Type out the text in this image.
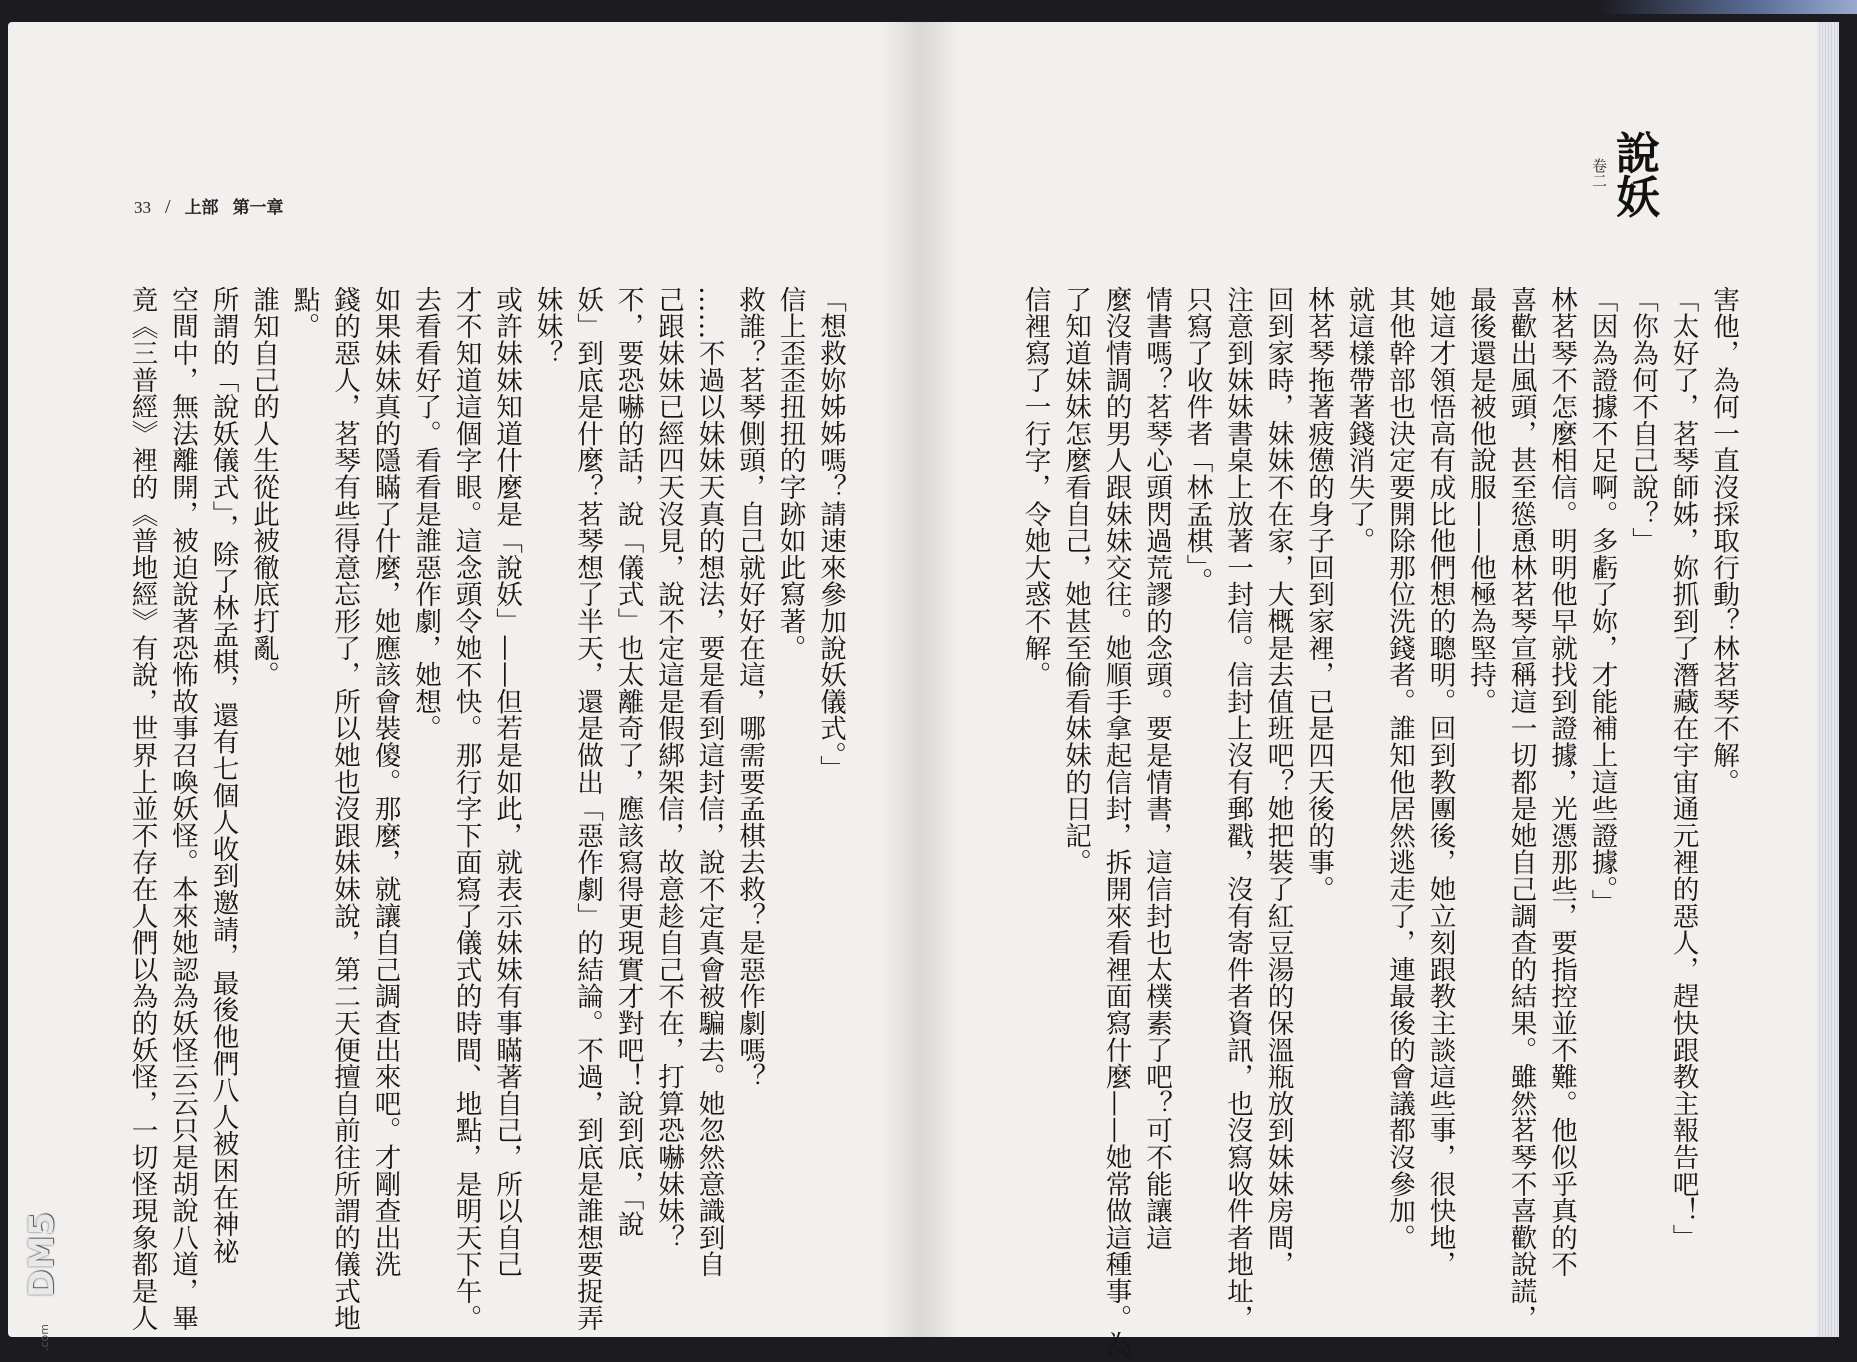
33 / 上部 第一章
「想救妳姊姊嗎？請速來參加說妖儀式。」
信上歪歪扭扭的字跡如此寫著。
救誰？茗琴側頭，自己就好好在這，哪需要孟棋去救？是惡作劇嗎？
……不過以妹妹天真的想法，要是看到這封信，說不定真會被騙去。她忽然意識到自
己跟妹妹已經四天沒見，說不定這是假綁架信，故意趁自己不在，打算恐嚇妹妹？
不，要恐嚇的話，說「儀式」也太離奇了，應該寫得更現實才對吧！說到底，「說
妖」到底是什麼？茗琴想了半天，還是做出「惡作劇」的結論。不過，到底是誰想要捉弄
妹妹？
或許妹妹知道什麼是「說妖」——但若是如此，就表示妹妹有事瞞著自己，所以自己
才不知道這個字眼。這念頭令她不快。那行字下面寫了儀式的時間、地點，是明天下午。
去看看好了。看看是誰惡作劇，她想。
如果妹妹真的隱瞞了什麼，她應該會裝傻。那麼，就讓自己調查出來吧。才剛查出洗
錢的惡人，茗琴有些得意忘形了，所以她也沒跟妹妹說，第二天便擅自前往所謂的儀式地
點。
誰知自己的人生從此被徹底打亂。
所謂的「說妖儀式」，除了林孟棋，還有七個人收到邀請，最後他們八人被困在神祕
空間中，無法離開，被迫說著恐怖故事召喚妖怪。本來她認為妖怪云云只是胡說八道，畢
竟《三普經》裡的《普地經》有說，世界上並不存在人們以為的妖怪，一切怪現象都是人
DM5
.com
說妖
卷二
害他，為何一直沒採取行動？林茗琴不解。
「太好了，茗琴師姊，妳抓到了潛藏在宇宙通元裡的惡人，趕快跟教主報告吧！」
「你為何不自己說？」
「因為證據不足啊。多虧了妳，才能補上這些證據。」
林茗琴不怎麼相信。明明他早就找到證據，光憑那些，要指控並不難。他似乎真的不
喜歡出風頭，甚至慫恿林茗琴宣稱這一切都是她自己調查的結果。雖然茗琴不喜歡說謊，
最後還是被他說服——他極為堅持。
她這才領悟高有成比他們想的聰明。回到教團後，她立刻跟教主談這些事，很快地，
其他幹部也決定要開除那位洗錢者。誰知他居然逃走了，連最後的會議都沒參加。
就這樣帶著錢消失了。
林茗琴拖著疲憊的身子回到家裡，已是四天後的事。
回到家時，妹妹不在家，大概是去值班吧？她把裝了紅豆湯的保溫瓶放到妹妹房間，
注意到妹妹書桌上放著一封信。信封上沒有郵戳，沒有寄件者資訊，也沒寫收件者地址，
只寫了收件者「林孟棋」。
情書嗎？茗琴心頭閃過荒謬的念頭。要是情書，這信封也太樸素了吧？可不能讓這
麼沒情調的男人跟妹妹交往。她順手拿起信封，拆開來看裡面寫什麼——她常做這種事。為
了知道妹妹怎麼看自己，她甚至偷看妹妹的日記。
信裡寫了一行字，令她大惑不解。
